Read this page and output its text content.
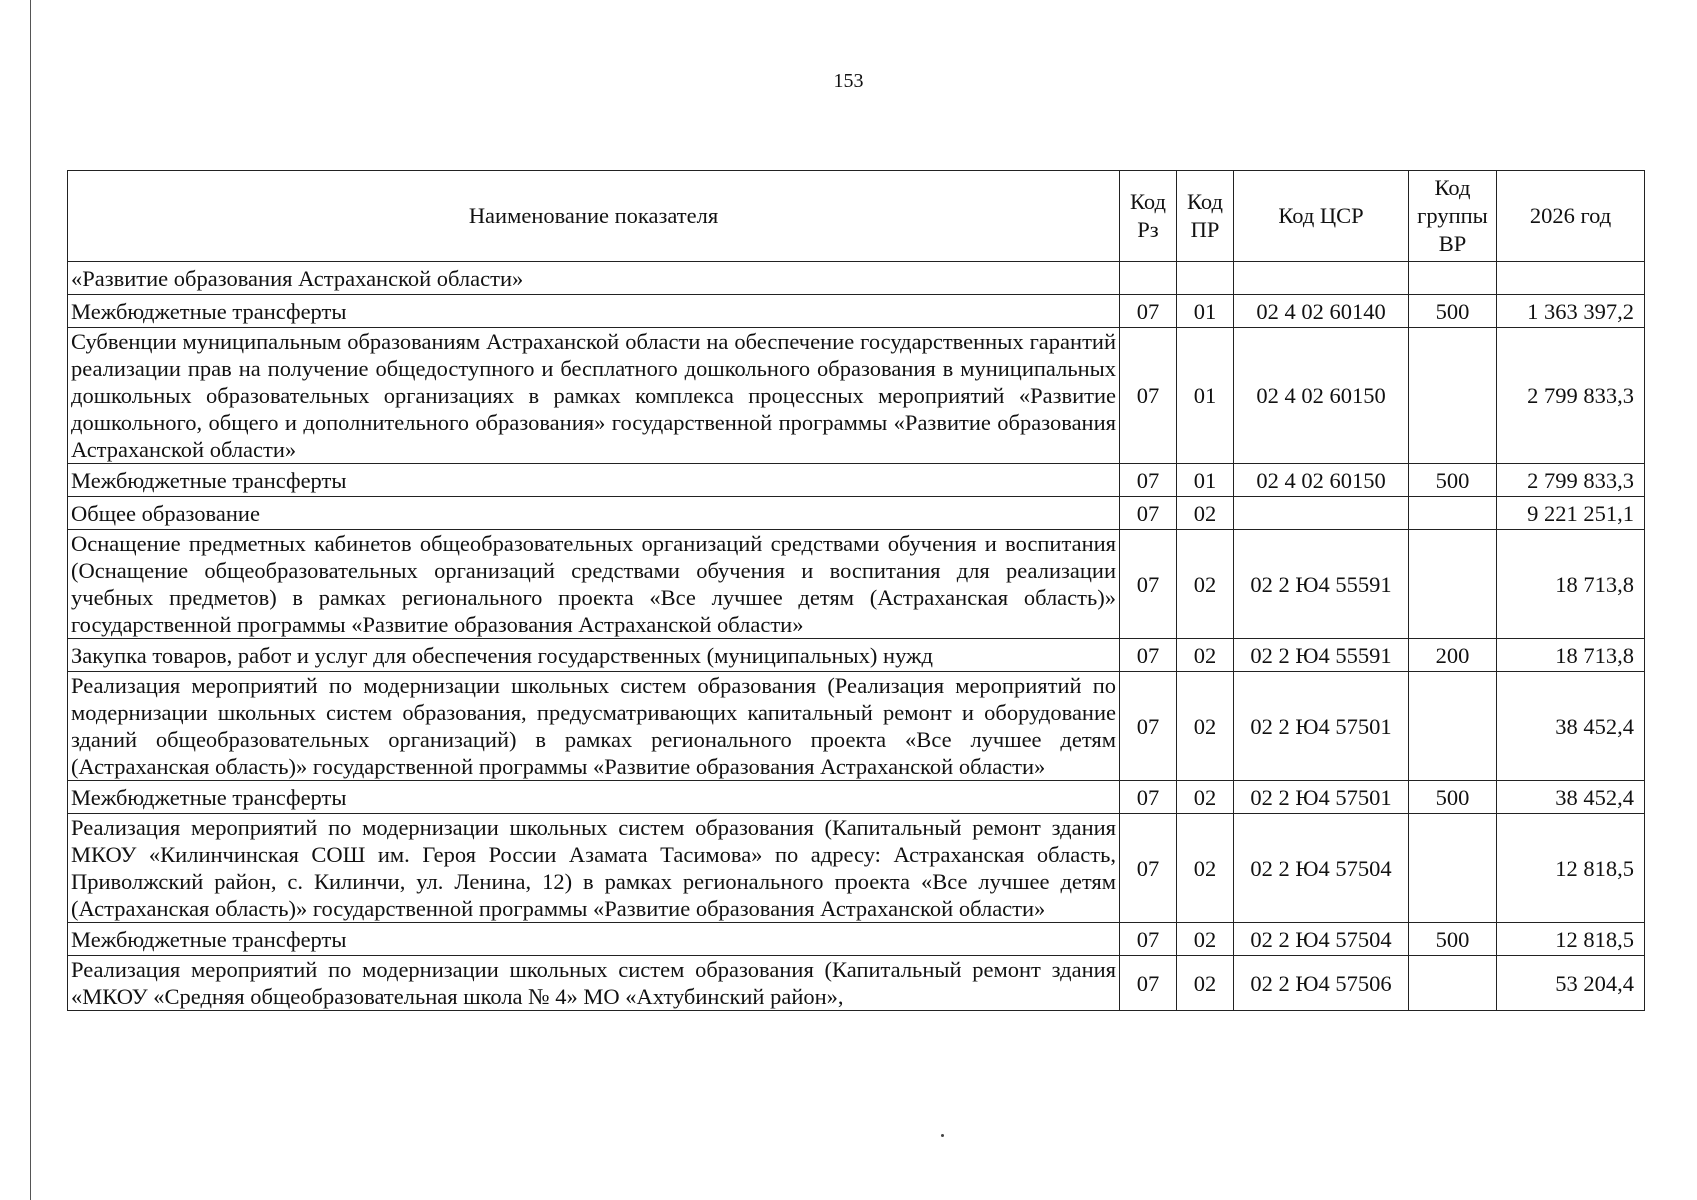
153
Наименование показателя	Код Рз	Код ПР	Код ЦСР	Код группы ВР	2026 год
«Развитие образования Астраханской области»					
Межбюджетные трансферты	07	01	02 4 02 60140	500	1 363 397,2
Субвенции муниципальным образованиям Астраханской области на обеспечение государственных гарантий реализации прав на получение общедоступного и бесплатного дошкольного образования в муниципальных дошкольных образовательных организациях в рамках комплекса процессных мероприятий «Развитие дошкольного, общего и дополнительного образования» государственной программы «Развитие образования Астраханской области»	07	01	02 4 02 60150		2 799 833,3
Межбюджетные трансферты	07	01	02 4 02 60150	500	2 799 833,3
Общее образование	07	02			9 221 251,1
Оснащение предметных кабинетов общеобразовательных организаций средствами обучения и воспитания (Оснащение общеобразовательных организаций средствами обучения и воспитания для реализации учебных предметов) в рамках регионального проекта «Все лучшее детям (Астраханская область)» государственной программы «Развитие образования Астраханской области»	07	02	02 2 Ю4 55591		18 713,8
Закупка товаров, работ и услуг для обеспечения государственных (муниципальных) нужд	07	02	02 2 Ю4 55591	200	18 713,8
Реализация мероприятий по модернизации школьных систем образования (Реализация мероприятий по модернизации школьных систем образования, предусматривающих капитальный ремонт и оборудование зданий общеобразовательных организаций) в рамках регионального проекта «Все лучшее детям (Астраханская область)» государственной программы «Развитие образования Астраханской области»	07	02	02 2 Ю4 57501		38 452,4
Межбюджетные трансферты	07	02	02 2 Ю4 57501	500	38 452,4
Реализация мероприятий по модернизации школьных систем образования (Капитальный ремонт здания МКОУ «Килинчинская СОШ им. Героя России Азамата Тасимова» по адресу: Астраханская область, Приволжский район, с. Килинчи, ул. Ленина, 12) в рамках регионального проекта «Все лучшее детям (Астраханская область)» государственной программы «Развитие образования Астраханской области»	07	02	02 2 Ю4 57504		12 818,5
Межбюджетные трансферты	07	02	02 2 Ю4 57504	500	12 818,5
Реализация мероприятий по модернизации школьных систем образования (Капитальный ремонт здания «МКОУ «Средняя общеобразовательная школа № 4» МО «Ахтубинский район»,	07	02	02 2 Ю4 57506		53 204,4
